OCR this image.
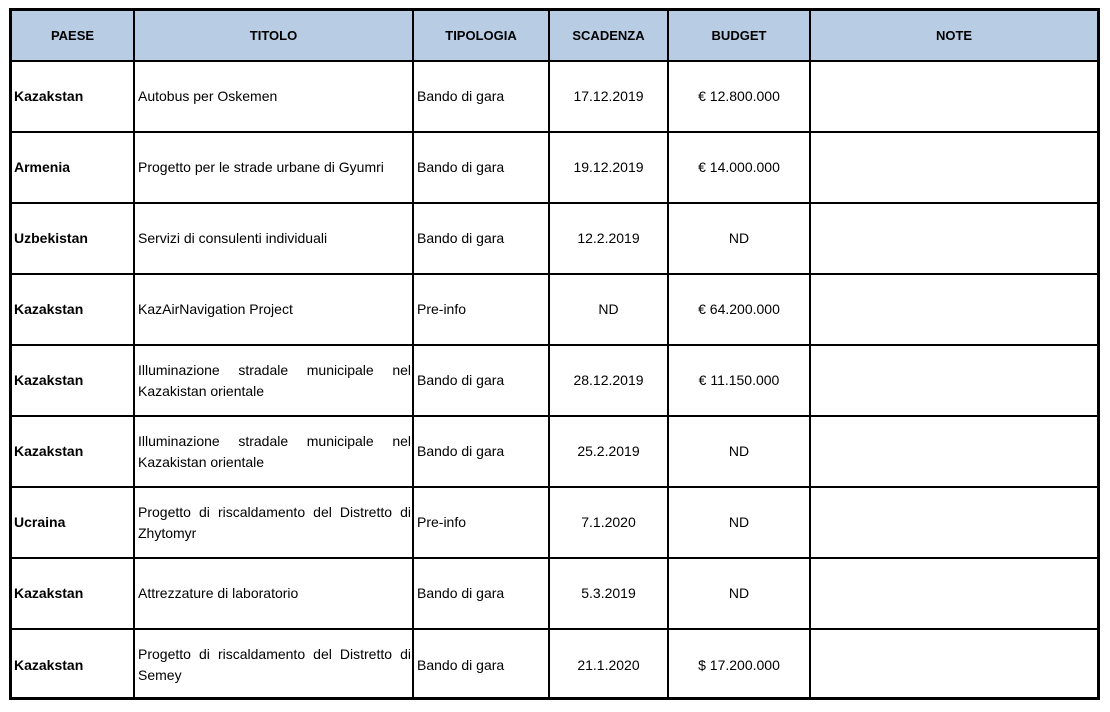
PAESE	TITOLO	TIPOLOGIA	SCADENZA	BUDGET	NOTE
Kazakstan	Autobus per Oskemen	Bando di gara	17.12.2019	€ 12.800.000	
Armenia	Progetto per le strade urbane di Gyumri	Bando di gara	19.12.2019	€ 14.000.000	
Uzbekistan	Servizi di consulenti individuali	Bando di gara	12.2.2019	ND	
Kazakstan	KazAirNavigation Project	Pre-info	ND	€ 64.200.000	
Kazakstan	Illuminazione stradale municipale nel Kazakistan orientale	Bando di gara	28.12.2019	€ 11.150.000	
Kazakstan	Illuminazione stradale municipale nel Kazakistan orientale	Bando di gara	25.2.2019	ND	
Ucraina	Progetto di riscaldamento del Distretto di Zhytomyr	Pre-info	7.1.2020	ND	
Kazakstan	Attrezzature di laboratorio	Bando di gara	5.3.2019	ND	
Kazakstan	Progetto di riscaldamento del Distretto di Semey	Bando di gara	21.1.2020	$ 17.200.000	
